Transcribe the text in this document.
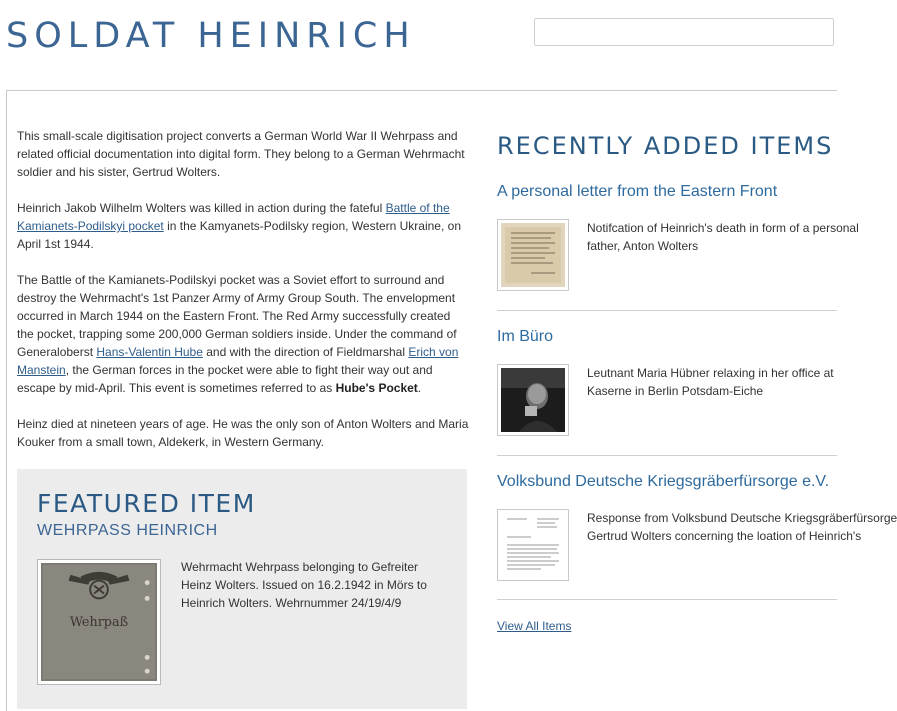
SOLDAT HEINRICH

This small-scale digitisation project converts a German World War II Wehrpass and related official documentation into digital form. They belong to a German Wehrmacht soldier and his sister, Gertrud Wolters.

Heinrich Jakob Wilhelm Wolters was killed in action during the fateful Battle of the Kamianets-Podilskyi pocket in the Kamyanets-Podilsky region, Western Ukraine, on April 1st 1944.

The Battle of the Kamianets-Podilskyi pocket was a Soviet effort to surround and destroy the Wehrmacht's 1st Panzer Army of Army Group South. The envelopment occurred in March 1944 on the Eastern Front. The Red Army successfully created the pocket, trapping some 200,000 German soldiers inside. Under the command of Generaloberst Hans-Valentin Hube and with the direction of Fieldmarshal Erich von Manstein, the German forces in the pocket were able to fight their way out and escape by mid-April. This event is sometimes referred to as Hube's Pocket.

Heinz died at nineteen years of age. He was the only son of Anton Wolters and Maria Kouker from a small town, Aldekerk, in Western Germany.

FEATURED ITEM
WEHRPASS HEINRICH
Wehrpaß

Wehrmacht Wehrpass belonging to Gefreiter Heinz Wolters. Issued on 16.2.1942 in Mörs to Heinrich Wolters. Wehrnummer 24/19/4/9

RECENTLY ADDED ITEMS
A personal letter from the Eastern Front

Notifcation of Heinrich's death in form of a personal
father, Anton Wolters

Im Büro

Leutnant Maria Hübner relaxing in her office at
Kaserne in Berlin Potsdam-Eiche

Volksbund Deutsche Kriegsgräberfürsorge e.V.

Response from Volksbund Deutsche Kriegsgräberfürsorge
Gertrud Wolters concerning the loation of Heinrich's

View All Items
